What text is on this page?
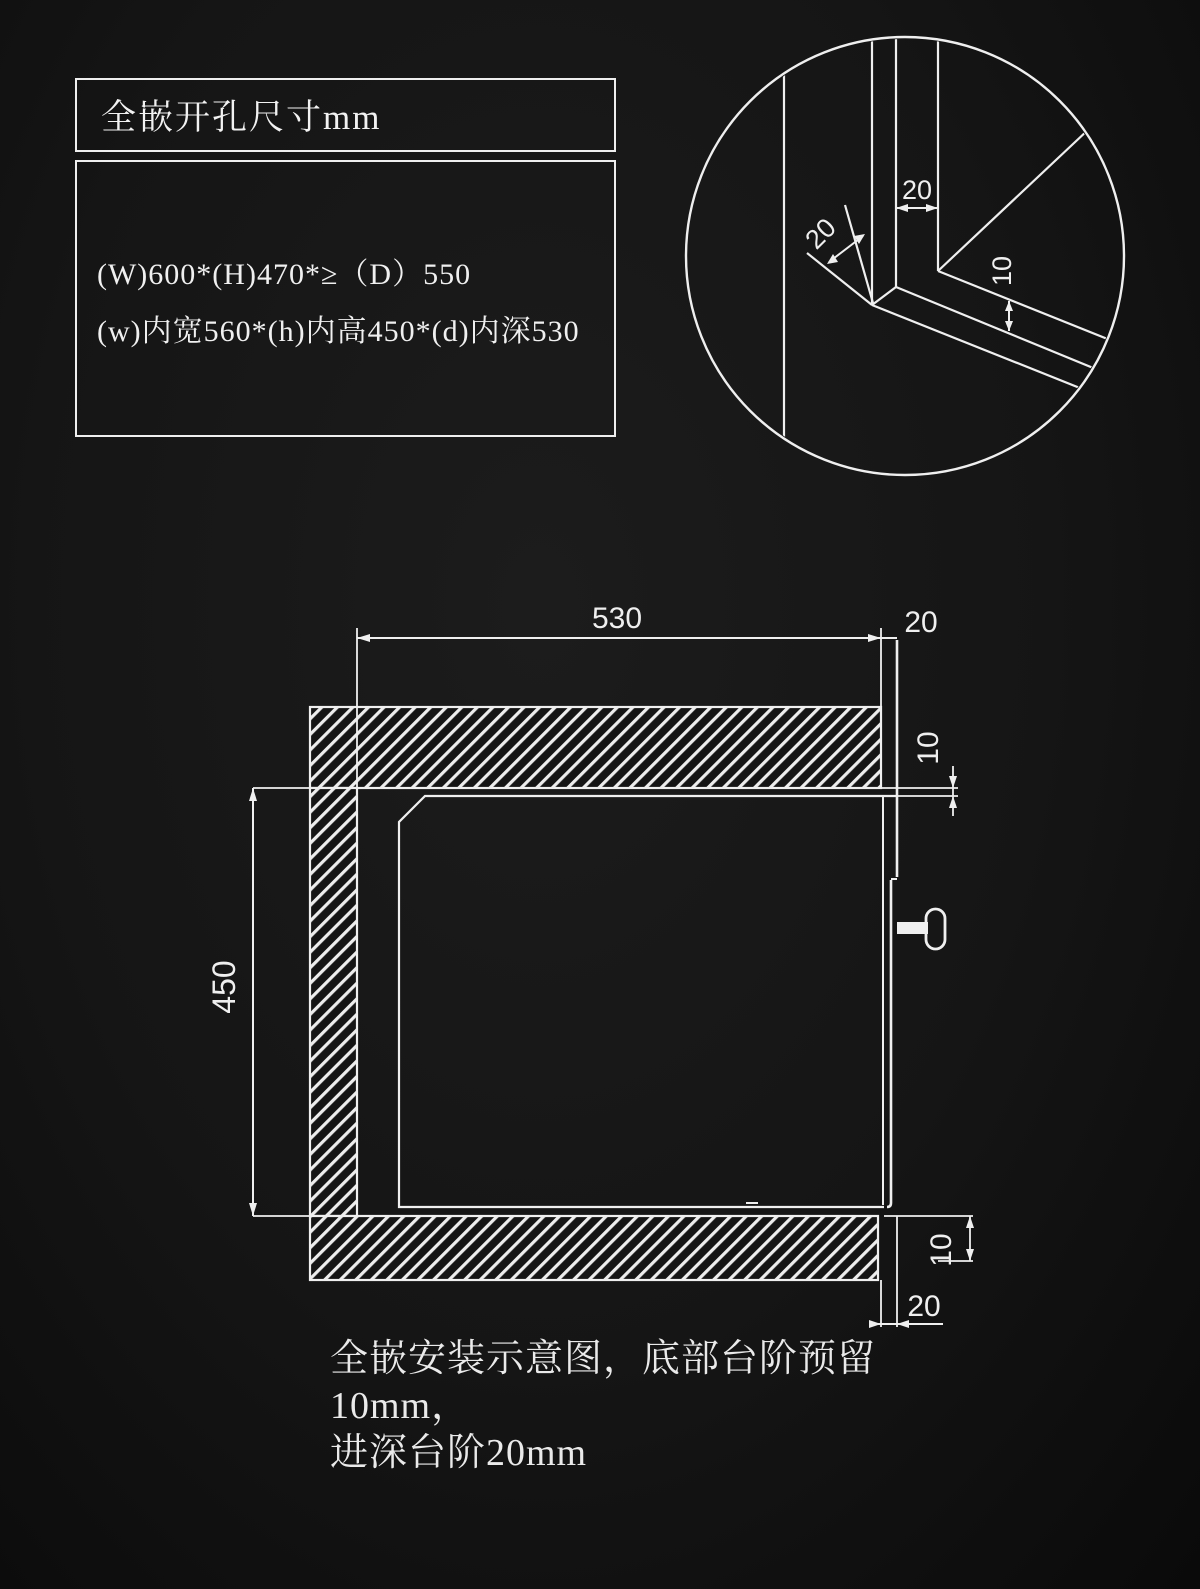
全嵌开孔尺寸mm
(W)600*(H)470*≥（D）550
(w)内宽560*(h)内高450*(d)内深530
全嵌安装示意图，底部台阶预留10mm，
进深台阶20mm
20
20
10
530	20
10
450
10
20
